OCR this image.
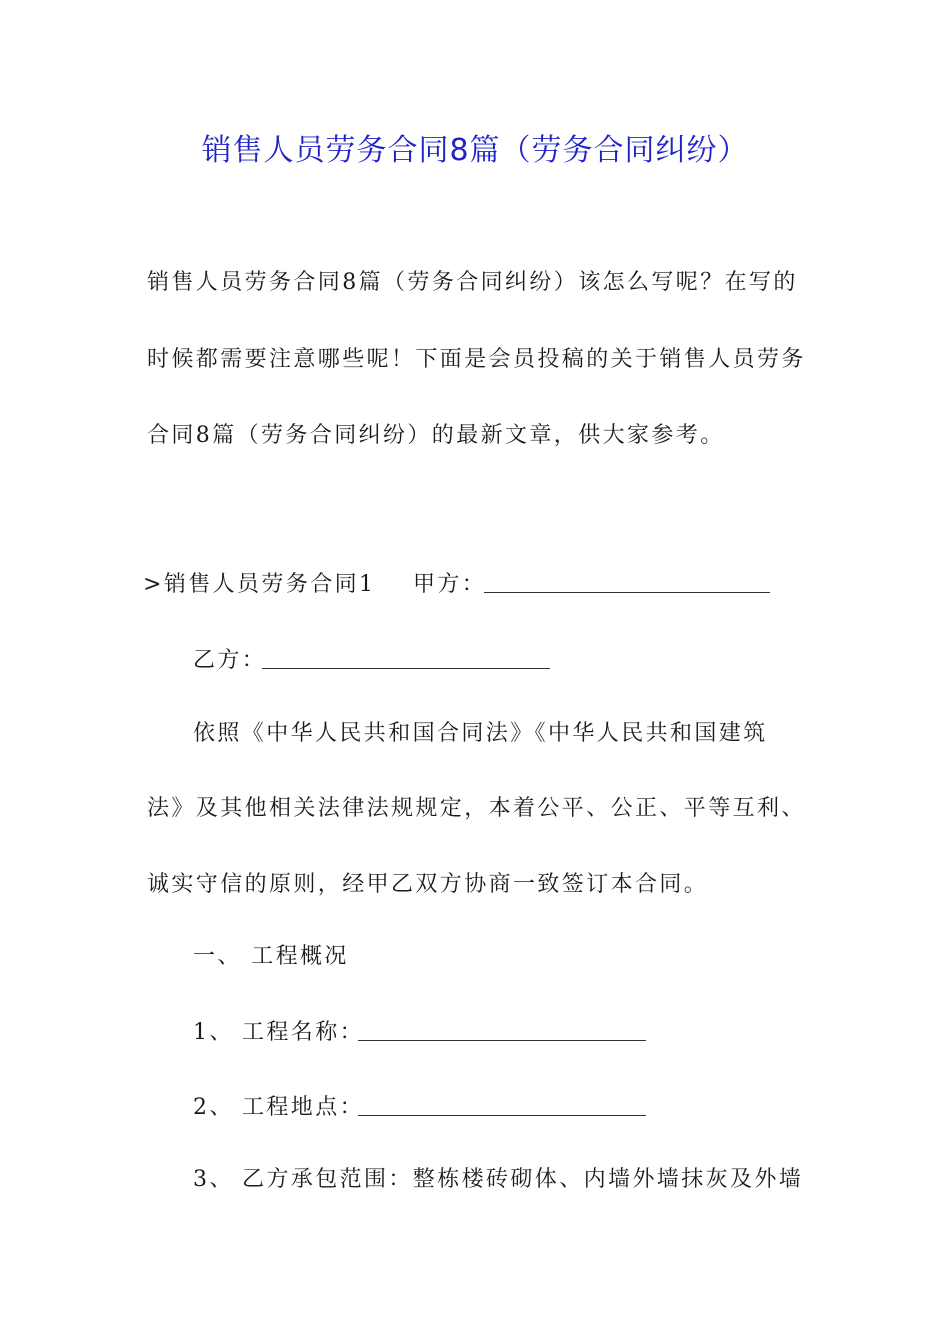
销售人员劳务合同8篇（劳务合同纠纷）
销售人员劳务合同8篇（劳务合同纠纷）该怎么写呢？在写的
时候都需要注意哪些呢！下面是会员投稿的关于销售人员劳务
合同8篇（劳务合同纠纷）的最新文章，供大家参考。
>销售人员劳务合同1 甲方：
乙方：
依照《中华人民共和国合同法》《中华人民共和国建筑
法》及其他相关法律法规规定，本着公平、公正、平等互利、
诚实守信的原则，经甲乙双方协商一致签订本合同。
一、 工程概况
1、 工程名称：
2、 工程地点：
3、 乙方承包范围：整栋楼砖砌体、内墙外墙抹灰及外墙
